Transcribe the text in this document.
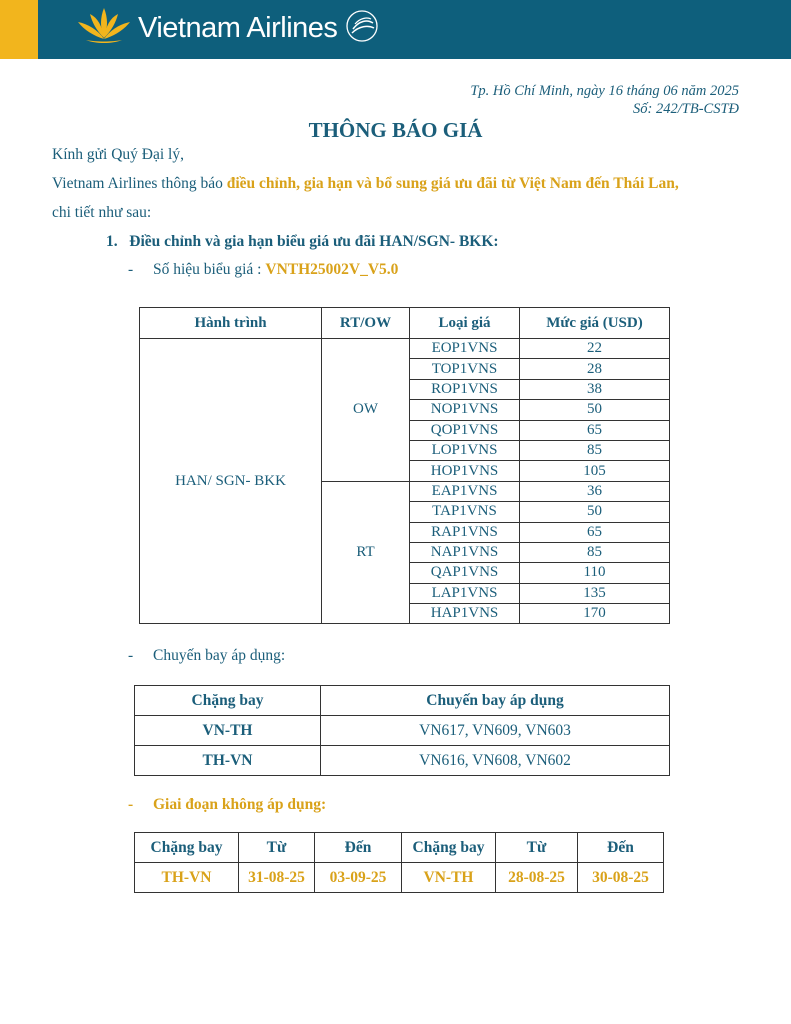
Vietnam Airlines
Tp. Hồ Chí Minh, ngày 16 tháng 06 năm 2025
Số: 242/TB-CSTĐ
THÔNG BÁO GIÁ
Kính gửi Quý Đại lý,
Vietnam Airlines thông báo điều chỉnh, gia hạn và bổ sung giá ưu đãi từ Việt Nam đến Thái Lan,
chi tiết như sau:
1. Điều chỉnh và gia hạn biểu giá ưu đãi HAN/SGN- BKK:
- Số hiệu biểu giá : VNTH25002V_V5.0
Hành trình	RT/OW	Loại giá	Mức giá (USD)
HAN/ SGN- BKK	OW	EOP1VNS	22
		TOP1VNS	28
		ROP1VNS	38
		NOP1VNS	50
		QOP1VNS	65
		LOP1VNS	85
		HOP1VNS	105
	RT	EAP1VNS	36
		TAP1VNS	50
		RAP1VNS	65
		NAP1VNS	85
		QAP1VNS	110
		LAP1VNS	135
		HAP1VNS	170
- Chuyến bay áp dụng:
Chặng bay	Chuyến bay áp dụng
VN-TH	VN617, VN609, VN603
TH-VN	VN616, VN608, VN602
- Giai đoạn không áp dụng:
Chặng bay	Từ	Đến	Chặng bay	Từ	Đến
TH-VN	31-08-25	03-09-25	VN-TH	28-08-25	30-08-25
